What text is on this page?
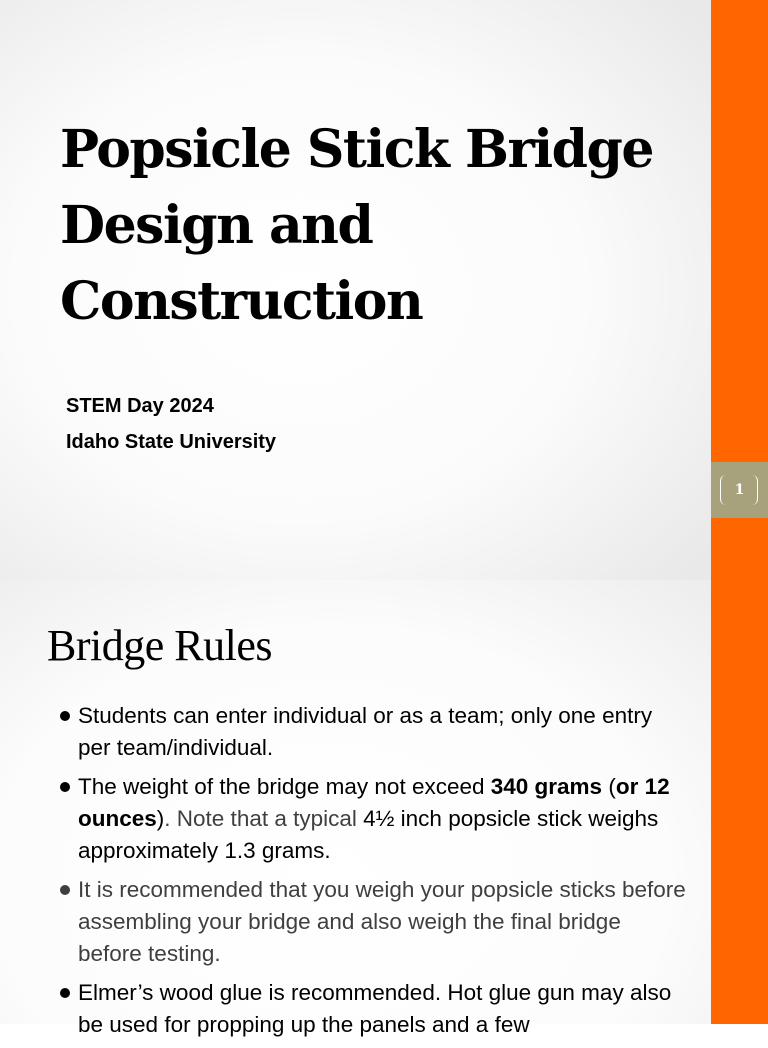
Popsicle Stick Bridge
Design and
Construction
STEM Day 2024
Idaho State University
1
Bridge Rules
Students can enter individual or as a team; only one entry per team/individual.
The weight of the bridge may not exceed 340 grams (or 12 ounces). Note that a typical 4½ inch popsicle stick weighs approximately 1.3 grams.
It is recommended that you weigh your popsicle sticks before assembling your bridge and also weigh the final bridge before testing.
Elmer’s wood glue is recommended. Hot glue gun may also be used for propping up the panels and a few
